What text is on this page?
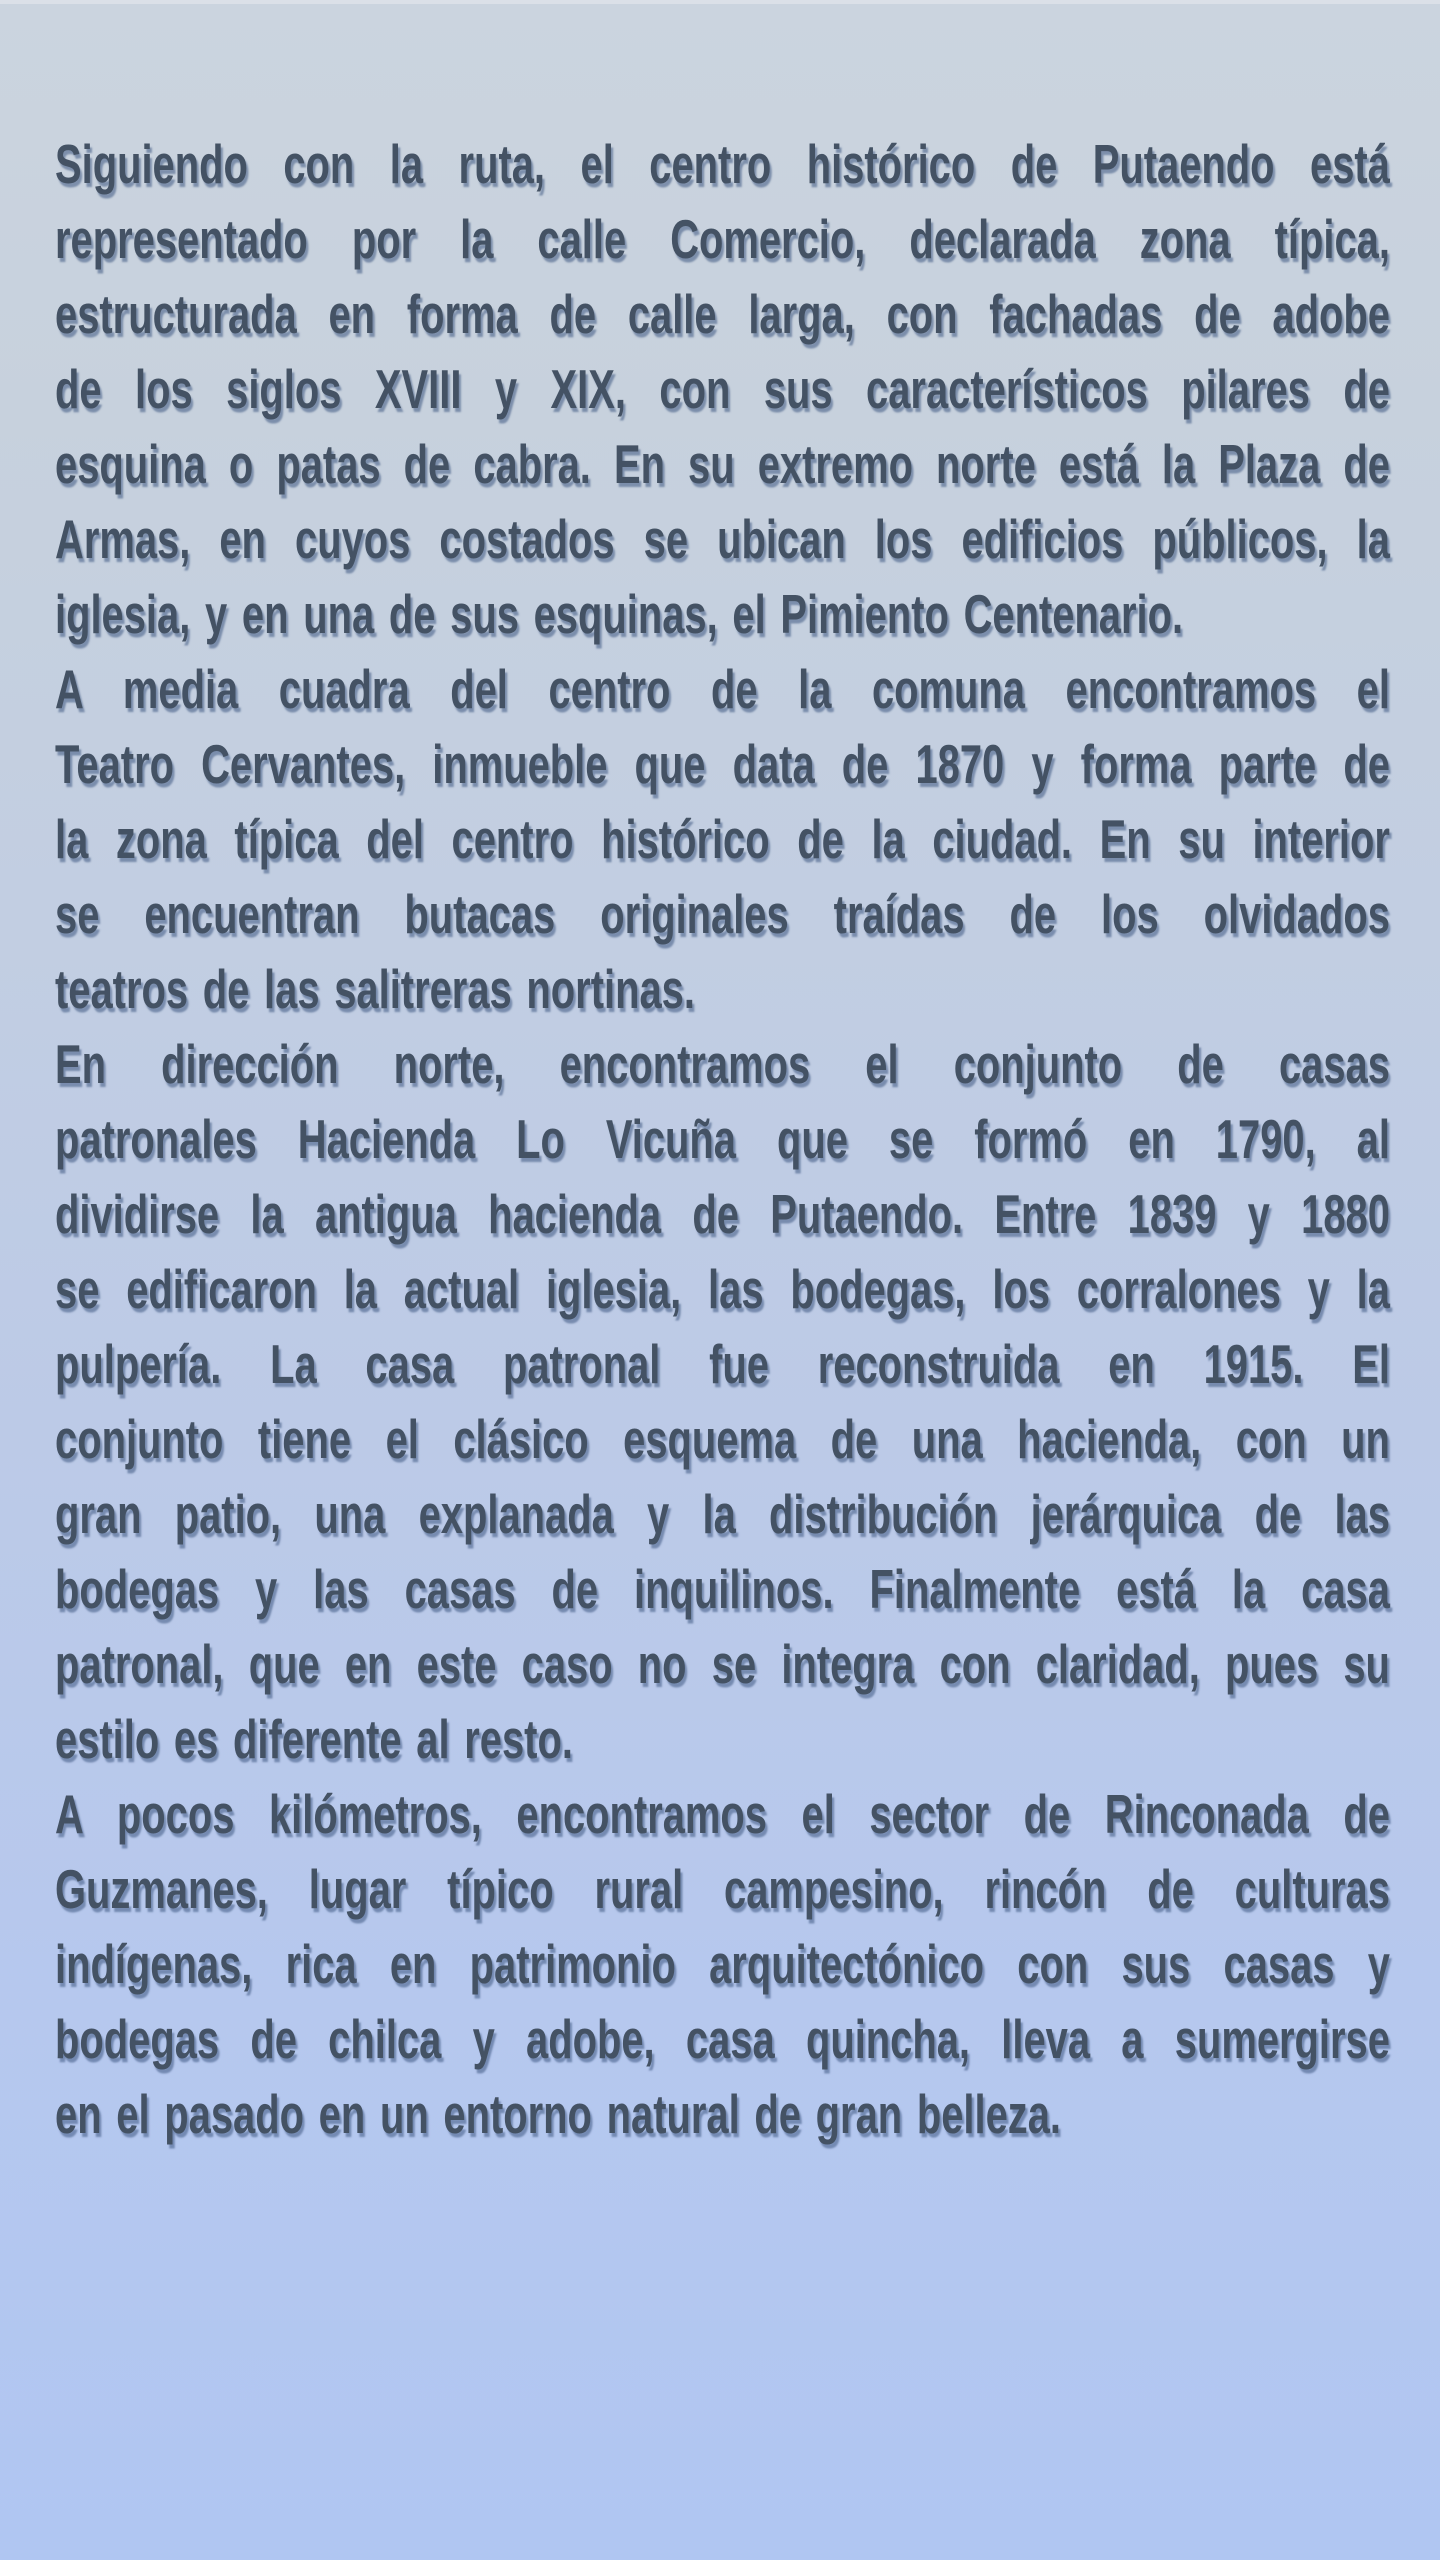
Siguiendo con la ruta, el centro histórico de Putaendo está
representado por la calle Comercio, declarada zona típica,
estructurada en forma de calle larga, con fachadas de adobe
de los siglos XVIII y XIX, con sus característicos pilares de
esquina o patas de cabra. En su extremo norte está la Plaza de
Armas, en cuyos costados se ubican los edificios públicos, la
iglesia, y en una de sus esquinas, el Pimiento Centenario.
A media cuadra del centro de la comuna encontramos el
Teatro Cervantes, inmueble que data de 1870 y forma parte de
la zona típica del centro histórico de la ciudad. En su interior
se encuentran butacas originales traídas de los olvidados
teatros de las salitreras nortinas.
En dirección norte, encontramos el conjunto de casas
patronales Hacienda Lo Vicuña que se formó en 1790, al
dividirse la antigua hacienda de Putaendo. Entre 1839 y 1880
se edificaron la actual iglesia, las bodegas, los corralones y la
pulpería. La casa patronal fue reconstruida en 1915. El
conjunto tiene el clásico esquema de una hacienda, con un
gran patio, una explanada y la distribución jerárquica de las
bodegas y las casas de inquilinos. Finalmente está la casa
patronal, que en este caso no se integra con claridad, pues su
estilo es diferente al resto.
A pocos kilómetros, encontramos el sector de Rinconada de
Guzmanes, lugar típico rural campesino, rincón de culturas
indígenas, rica en patrimonio arquitectónico con sus casas y
bodegas de chilca y adobe, casa quincha, lleva a sumergirse
en el pasado en un entorno natural de gran belleza.
